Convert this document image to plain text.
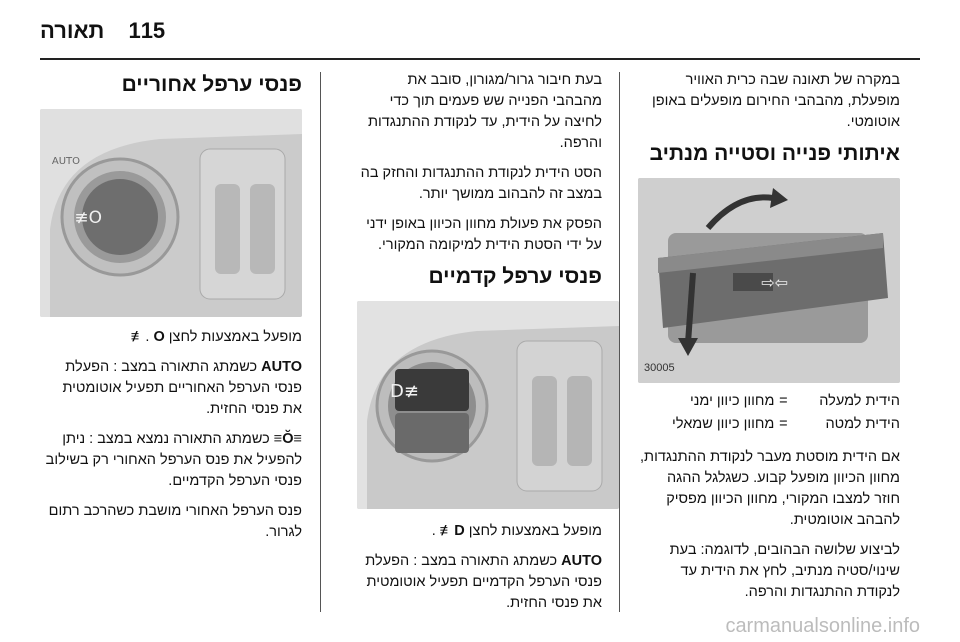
115 תאורה

במקרה של תאונה שבה כרית האוויר מופעלת, מהבהבי החירום מופעלים באופן אוטומטי.

איתותי פנייה וסטייה מנתיב
⇦⇨
30005
הידית למעלה	=	מחוון כיוון ימני
הידית למטה	=	מחוון כיוון שמאלי

אם הידית מוסטת מעבר לנקודת ההתנגדות, מחוון הכיוון מופעל קבוע. כשגלגל ההגה חוזר למצבו המקורי, מחוון הכיוון מפסיק להבהב אוטומטית.

לביצוע שלושה הבהובים, לדוגמה: בעת שינוי/סטיה מנתיב, לחץ את הידית עד לנקודת ההתנגדות והרפה.

בעת חיבור גרור/מגורון, סובב את מהבהבי הפנייה שש פעמים תוך כדי לחיצה על הידית, עד לנקודת ההתנגדות והרפה.

הסט הידית לנקודת ההתנגדות והחזק בה במצב זה להבהוב ממושך יותר.

הפסק את פעולת מחוון הכיוון באופן ידני על ידי הסטת הידית למיקומה המקורי.

פנסי ערפל קדמיים
≢D

מופעל באמצעות לחצן ‎. ≢D

AUTO כשמתג התאורה במצב : הפעלת פנסי הערפל הקדמיים תפעיל אוטומטית את פנסי החזית.

פנסי ערפל אחוריים
O≢
AUTO

מופעל באמצעות לחצן ‎. O≢

AUTO כשמתג התאורה במצב : הפעלת פנסי הערפל האחוריים תפעיל אוטומטית את פנסי החזית.

≡Ŏ≡ כשמתג התאורה נמצא במצב : ניתן להפעיל את פנס הערפל האחורי רק בשילוב פנסי הערפל הקדמיים.

פנס הערפל האחורי מושבת כשהרכב רתום לגרור.

carmanualsonline.info
